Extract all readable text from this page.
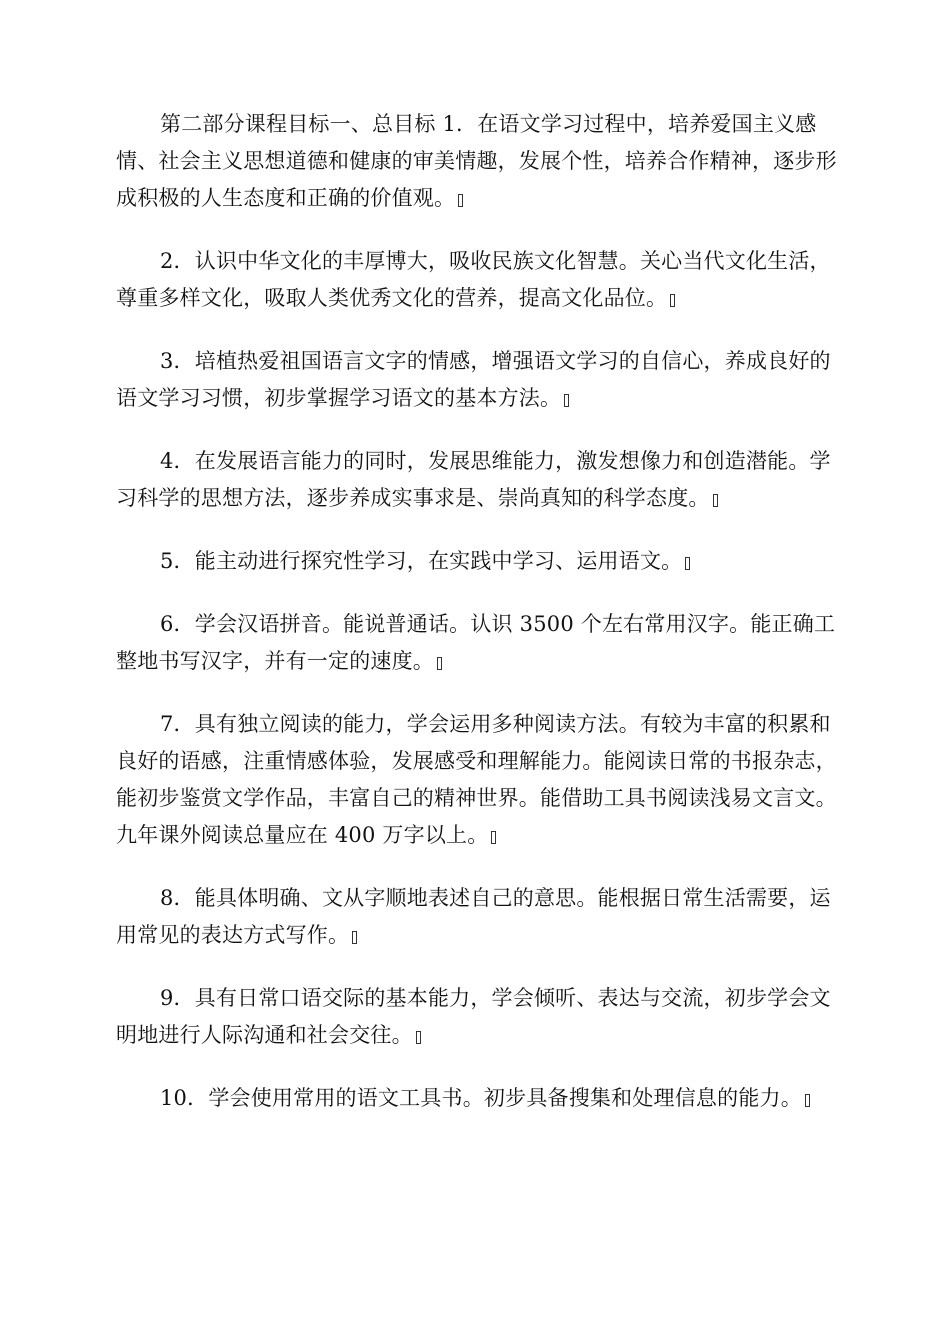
第二部分课程目标一、总目标 1．在语文学习过程中，培养爱国主义感情、社会主义思想道德和健康的审美情趣，发展个性，培养合作精神，逐步形成积极的人生态度和正确的价值观。

2．认识中华文化的丰厚博大，吸收民族文化智慧。关心当代文化生活，尊重多样文化，吸取人类优秀文化的营养，提高文化品位。

3．培植热爱祖国语言文字的情感，增强语文学习的自信心，养成良好的语文学习习惯，初步掌握学习语文的基本方法。

4．在发展语言能力的同时，发展思维能力，激发想像力和创造潜能。学习科学的思想方法，逐步养成实事求是、崇尚真知的科学态度。

5．能主动进行探究性学习，在实践中学习、运用语文。

6．学会汉语拼音。能说普通话。认识 3500 个左右常用汉字。能正确工整地书写汉字，并有一定的速度。

7．具有独立阅读的能力，学会运用多种阅读方法。有较为丰富的积累和良好的语感，注重情感体验，发展感受和理解能力。能阅读日常的书报杂志，能初步鉴赏文学作品，丰富自己的精神世界。能借助工具书阅读浅易文言文。九年课外阅读总量应在 400 万字以上。

8．能具体明确、文从字顺地表述自己的意思。能根据日常生活需要，运用常见的表达方式写作。

9．具有日常口语交际的基本能力，学会倾听、表达与交流，初步学会文明地进行人际沟通和社会交往。

10．学会使用常用的语文工具书。初步具备搜集和处理信息的能力。
